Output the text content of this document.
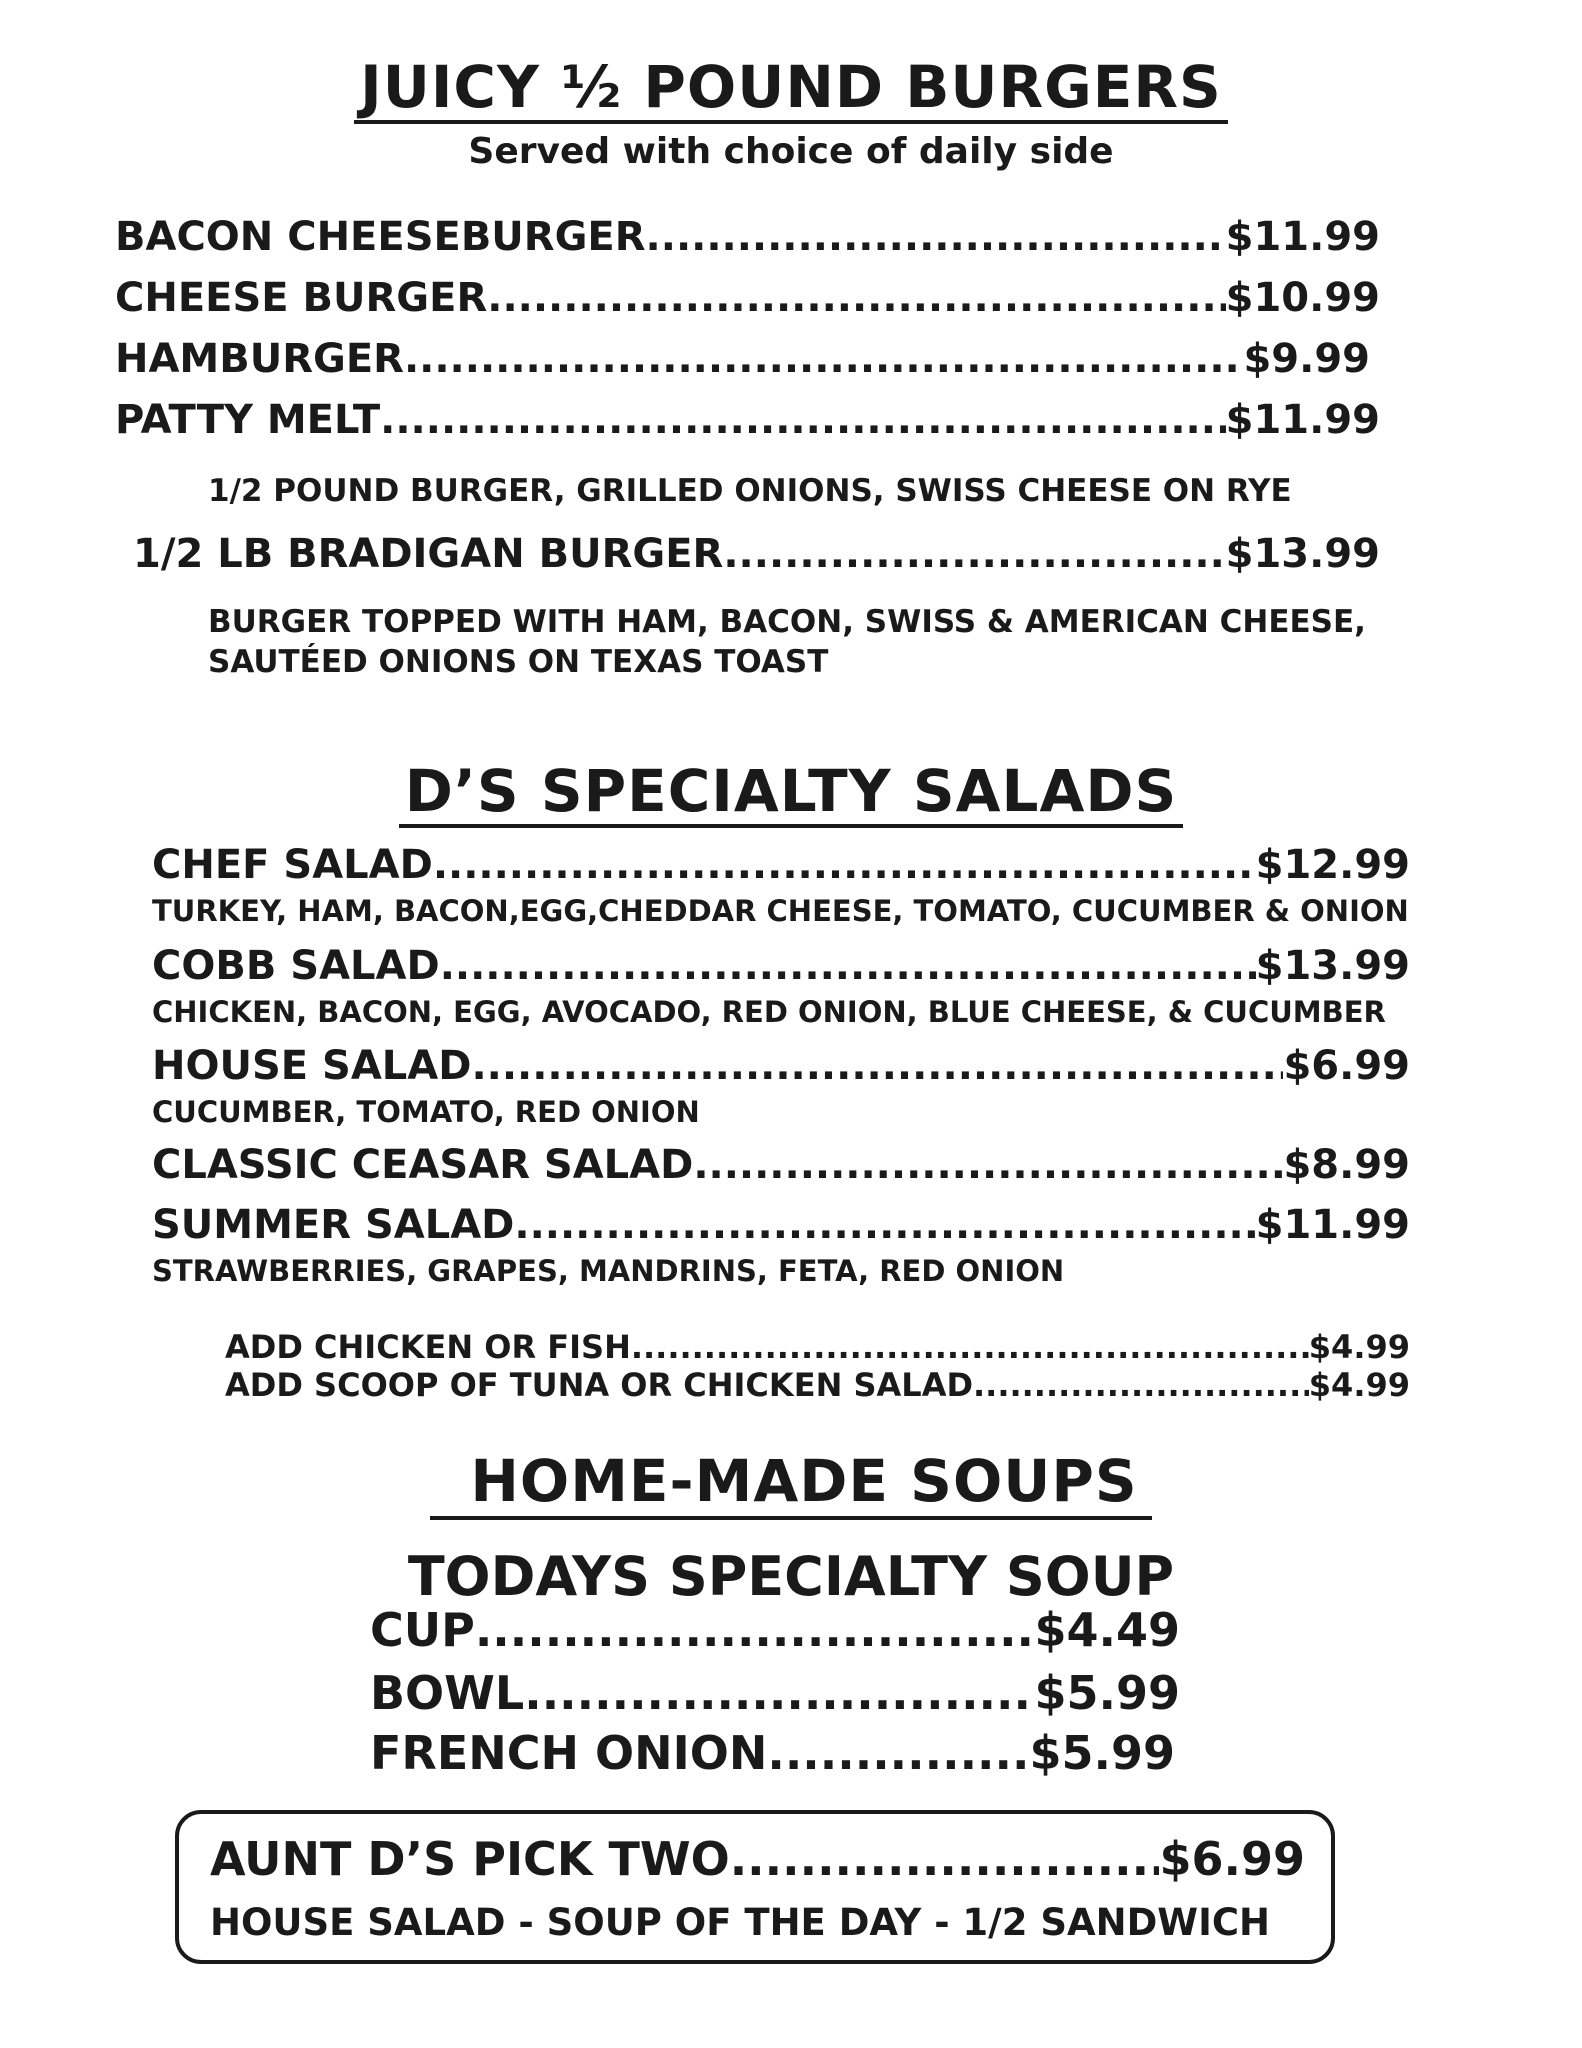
JUICY ½ POUND BURGERS
Served with choice of daily side
BACON CHEESEBURGER .....	$11.99
CHEESE BURGER .....	$10.99
HAMBURGER .....	$9.99
PATTY MELT .....	$11.99
1/2 POUND BURGER, GRILLED ONIONS, SWISS CHEESE ON RYE
1/2 LB BRADIGAN BURGER .....	$13.99
BURGER TOPPED WITH HAM, BACON, SWISS & AMERICAN CHEESE,
SAUTÉED ONIONS ON TEXAS TOAST
D’S SPECIALTY SALADS
CHEF SALAD .....	$12.99
TURKEY, HAM, BACON,EGG,CHEDDAR CHEESE, TOMATO, CUCUMBER & ONION
COBB SALAD .....	$13.99
CHICKEN, BACON, EGG, AVOCADO, RED ONION, BLUE CHEESE, & CUCUMBER
HOUSE SALAD .....	$6.99
CUCUMBER, TOMATO, RED ONION
CLASSIC CEASAR SALAD .....	$8.99
SUMMER SALAD .....	$11.99
STRAWBERRIES, GRAPES, MANDRINS, FETA, RED ONION
ADD CHICKEN OR FISH .....	$4.99
ADD SCOOP OF TUNA OR CHICKEN SALAD .....	$4.99
HOME-MADE SOUPS
TODAYS SPECIALTY SOUP
CUP .....	$4.49
BOWL .....	$5.99
FRENCH ONION .....	$5.99
AUNT D’S PICK TWO .....	$6.99
HOUSE SALAD - SOUP OF THE DAY - 1/2 SANDWICH
